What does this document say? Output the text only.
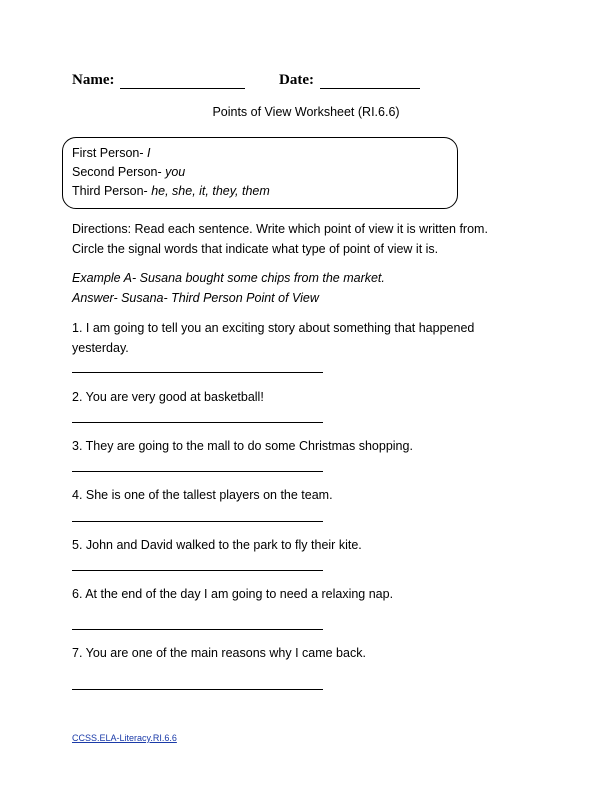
Name:	Date:
Points of View Worksheet (RI.6.6)
First Person- I
Second Person- you
Third Person- he, she, it, they, them
Directions: Read each sentence. Write which point of view it is written from.
Circle the signal words that indicate what type of point of view it is.
Example A- Susana bought some chips from the market.
Answer- Susana- Third Person Point of View
1. I am going to tell you an exciting story about something that happened
yesterday.
2. You are very good at basketball!
3. They are going to the mall to do some Christmas shopping.
4. She is one of the tallest players on the team.
5. John and David walked to the park to fly their kite.
6. At the end of the day I am going to need a relaxing nap.
7. You are one of the main reasons why I came back.
CCSS.ELA-Literacy.RI.6.6
